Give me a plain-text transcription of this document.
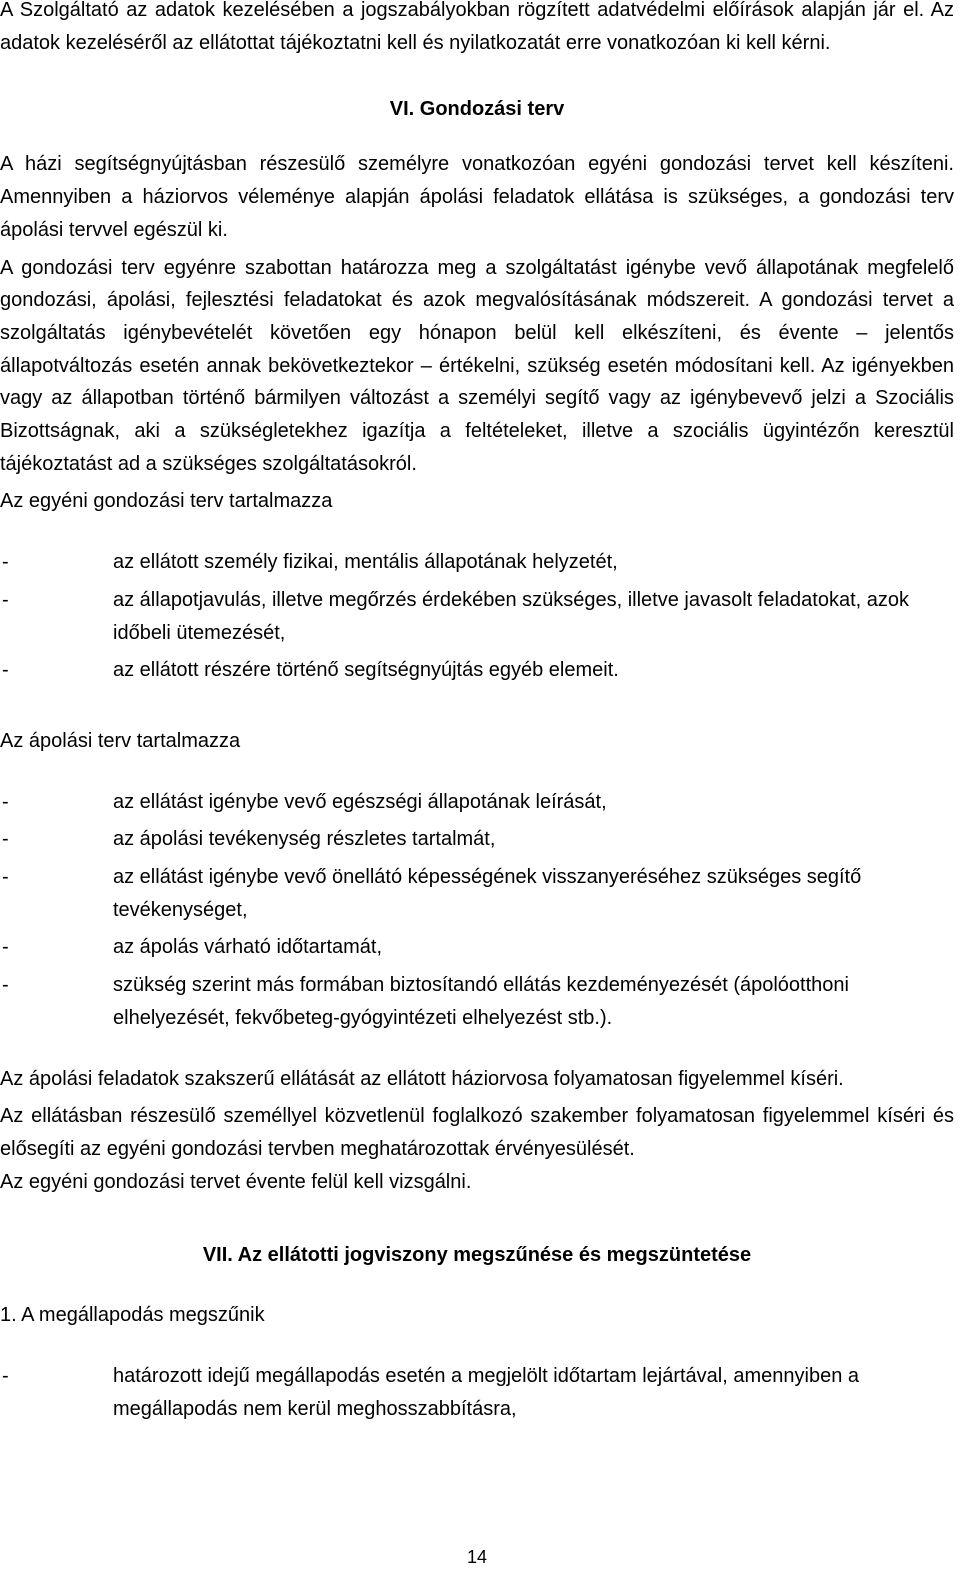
A Szolgáltató az adatok kezelésében a jogszabályokban rögzített adatvédelmi előírások alapján jár el. Az adatok kezeléséről az ellátottat tájékoztatni kell és nyilatkozatát erre vonatkozóan ki kell kérni.

VI. Gondozási terv

A házi segítségnyújtásban részesülő személyre vonatkozóan egyéni gondozási tervet kell készíteni. Amennyiben a háziorvos véleménye alapján ápolási feladatok ellátása is szükséges, a gondozási terv ápolási tervvel egészül ki.

A gondozási terv egyénre szabottan határozza meg a szolgáltatást igénybe vevő állapotának megfelelő gondozási, ápolási, fejlesztési feladatokat és azok megvalósításának módszereit. A gondozási tervet a szolgáltatás igénybevételét követően egy hónapon belül kell elkészíteni, és évente – jelentős állapotváltozás esetén annak bekövetkeztekor – értékelni, szükség esetén módosítani kell. Az igényekben vagy az állapotban történő bármilyen változást a személyi segítő vagy az igénybevevő jelzi a Szociális Bizottságnak, aki a szükségletekhez igazítja a feltételeket, illetve a szociális ügyintézőn keresztül tájékoztatást ad a szükséges szolgáltatásokról.

Az egyéni gondozási terv tartalmazza

-	az ellátott személy fizikai, mentális állapotának helyzetét,
-	az állapotjavulás, illetve megőrzés érdekében szükséges, illetve javasolt feladatokat, azok időbeli ütemezését,
-	az ellátott részére történő segítségnyújtás egyéb elemeit.

Az ápolási terv tartalmazza

-	az ellátást igénybe vevő egészségi állapotának leírását,
-	az ápolási tevékenység részletes tartalmát,
-	az ellátást igénybe vevő önellátó képességének visszanyeréséhez szükséges segítő tevékenységet,
-	az ápolás várható időtartamát,
-	szükség szerint más formában biztosítandó ellátás kezdeményezését (ápolóotthoni elhelyezését, fekvőbeteg-gyógyintézeti elhelyezést stb.).

Az ápolási feladatok szakszerű ellátását az ellátott háziorvosa folyamatosan figyelemmel kíséri.

Az ellátásban részesülő személlyel közvetlenül foglalkozó szakember folyamatosan figyelemmel kíséri és elősegíti az egyéni gondozási tervben meghatározottak érvényesülését.

Az egyéni gondozási tervet évente felül kell vizsgálni.

VII. Az ellátotti jogviszony megszűnése és megszüntetése

1. A megállapodás megszűnik

-	határozott idejű megállapodás esetén a megjelölt időtartam lejártával, amennyiben a megállapodás nem kerül meghosszabbításra,
14
